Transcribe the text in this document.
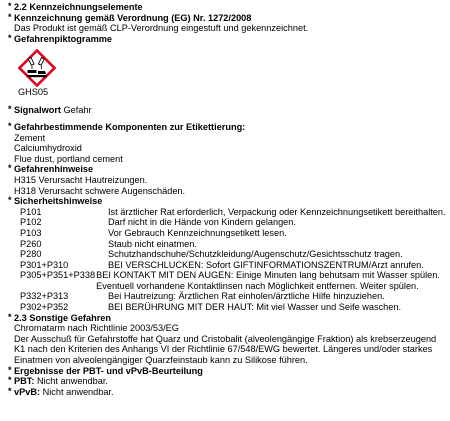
* 2.2 Kennzeichnungselemente
* Kennzeichnung gemäß Verordnung (EG) Nr. 1272/2008
Das Produkt ist gemäß CLP-Verordnung eingestuft und gekennzeichnet.
* Gefahrenpiktogramme
GHS05
* Signalwort Gefahr
* Gefahrbestimmende Komponenten zur Etikettierung:
Zement
Calciumhydroxid
Flue dust, portland cement
* Gefahrenhinweise
H315 Verursacht Hautreizungen.
H318 Verursacht schwere Augenschäden.
* Sicherheitshinweise
P101	Ist ärztlicher Rat erforderlich, Verpackung oder Kennzeichnungsetikett bereithalten.
P102	Darf nicht in die Hände von Kindern gelangen.
P103	Vor Gebrauch Kennzeichnungsetikett lesen.
P260	Staub nicht einatmen.
P280	Schutzhandschuhe/Schutzkleidung/Augenschutz/Gesichtsschutz tragen.
P301+P310	BEI VERSCHLUCKEN: Sofort GIFTINFORMATIONSZENTRUM/Arzt anrufen.
P305+P351+P338 BEI KONTAKT MIT DEN AUGEN: Einige Minuten lang behutsam mit Wasser spülen. Eventuell vorhandene Kontaktlinsen nach Möglichkeit entfernen. Weiter spülen.
P332+P313	Bei Hautreizung: Ärztlichen Rat einholen/ärztliche Hilfe hinzuziehen.
P302+P352	BEI BERÜHRUNG MIT DER HAUT: Mit viel Wasser und Seife waschen.
* 2.3 Sonstige Gefahren
Chromatarm nach Richtlinie 2003/53/EG
Der Ausschuß für Gefahrstoffe hat Quarz und Cristobalit (alveolengängige Fraktion) als krebserzeugend K1 nach den Kriterien des Anhangs VI der Richtlinie 67/548/EWG bewertet. Längeres und/oder starkes Einatmen von alveolengängiger Quarzfeinstaub kann zu Silikose führen.
* Ergebnisse der PBT- und vPvB-Beurteilung
* PBT: Nicht anwendbar.
* vPvB: Nicht anwendbar.
